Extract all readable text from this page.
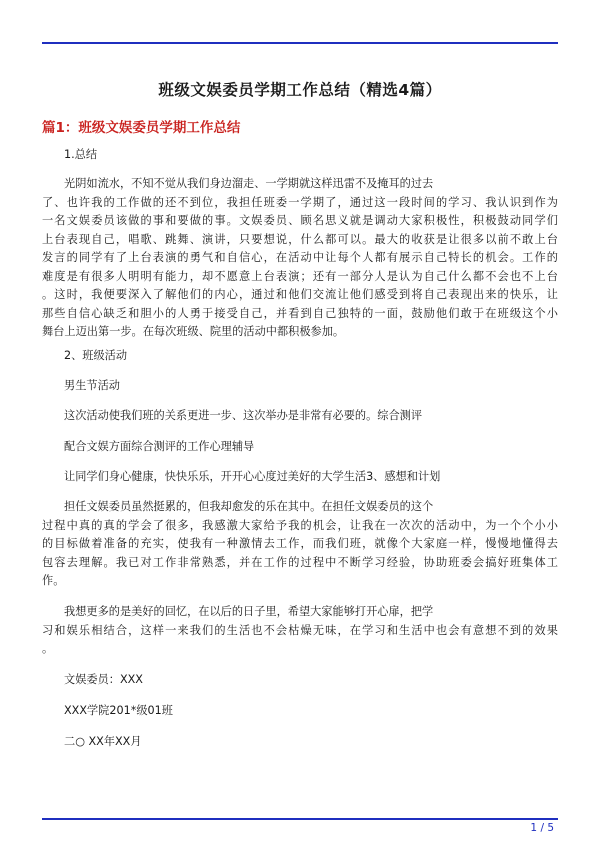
班级文娱委员学期工作总结（精选4篇）
篇1：班级文娱委员学期工作总结
1.总结
光阴如流水，不知不觉从我们身边溜走、一学期就这样迅雷不及掩耳的过去
了、也许我的工作做的还不到位，我担任班委一学期了，通过这一段时间的学习、我认识到作为
一名文娱委员该做的事和要做的事。文娱委员、顾名思义就是调动大家积极性，积极鼓动同学们
上台表现自己，唱歌、跳舞、演讲，只要想说，什么都可以。最大的收获是让很多以前不敢上台
发言的同学有了上台表演的勇气和自信心，在活动中让每个人都有展示自己特长的机会。工作的
难度是有很多人明明有能力，却不愿意上台表演；还有一部分人是认为自己什么都不会也不上台
。这时，我便要深入了解他们的内心，通过和他们交流让他们感受到将自己表现出来的快乐，让
那些自信心缺乏和胆小的人勇于接受自己，并看到自己独特的一面，鼓励他们敢于在班级这个小
舞台上迈出第一步。在每次班级、院里的活动中都积极参加。
2、班级活动
男生节活动
这次活动使我们班的关系更进一步、这次举办是非常有必要的。综合测评
配合文娱方面综合测评的工作心理辅导
让同学们身心健康，快快乐乐，开开心心度过美好的大学生活3、感想和计划
担任文娱委员虽然挺累的，但我却愈发的乐在其中。在担任文娱委员的这个
过程中真的真的学会了很多，我感激大家给予我的机会，让我在一次次的活动中，为一个个小小
的目标做着准备的充实，使我有一种激情去工作，而我们班，就像个大家庭一样，慢慢地懂得去
包容去理解。我已对工作非常熟悉，并在工作的过程中不断学习经验，协助班委会搞好班集体工
作。
我想更多的是美好的回忆，在以后的日子里，希望大家能够打开心扉，把学
习和娱乐相结合，这样一来我们的生活也不会枯燥无味，在学习和生活中也会有意想不到的效果
。
文娱委员：XXX
XXX学院201*级01班
二○ XX年XX月
1 / 5
